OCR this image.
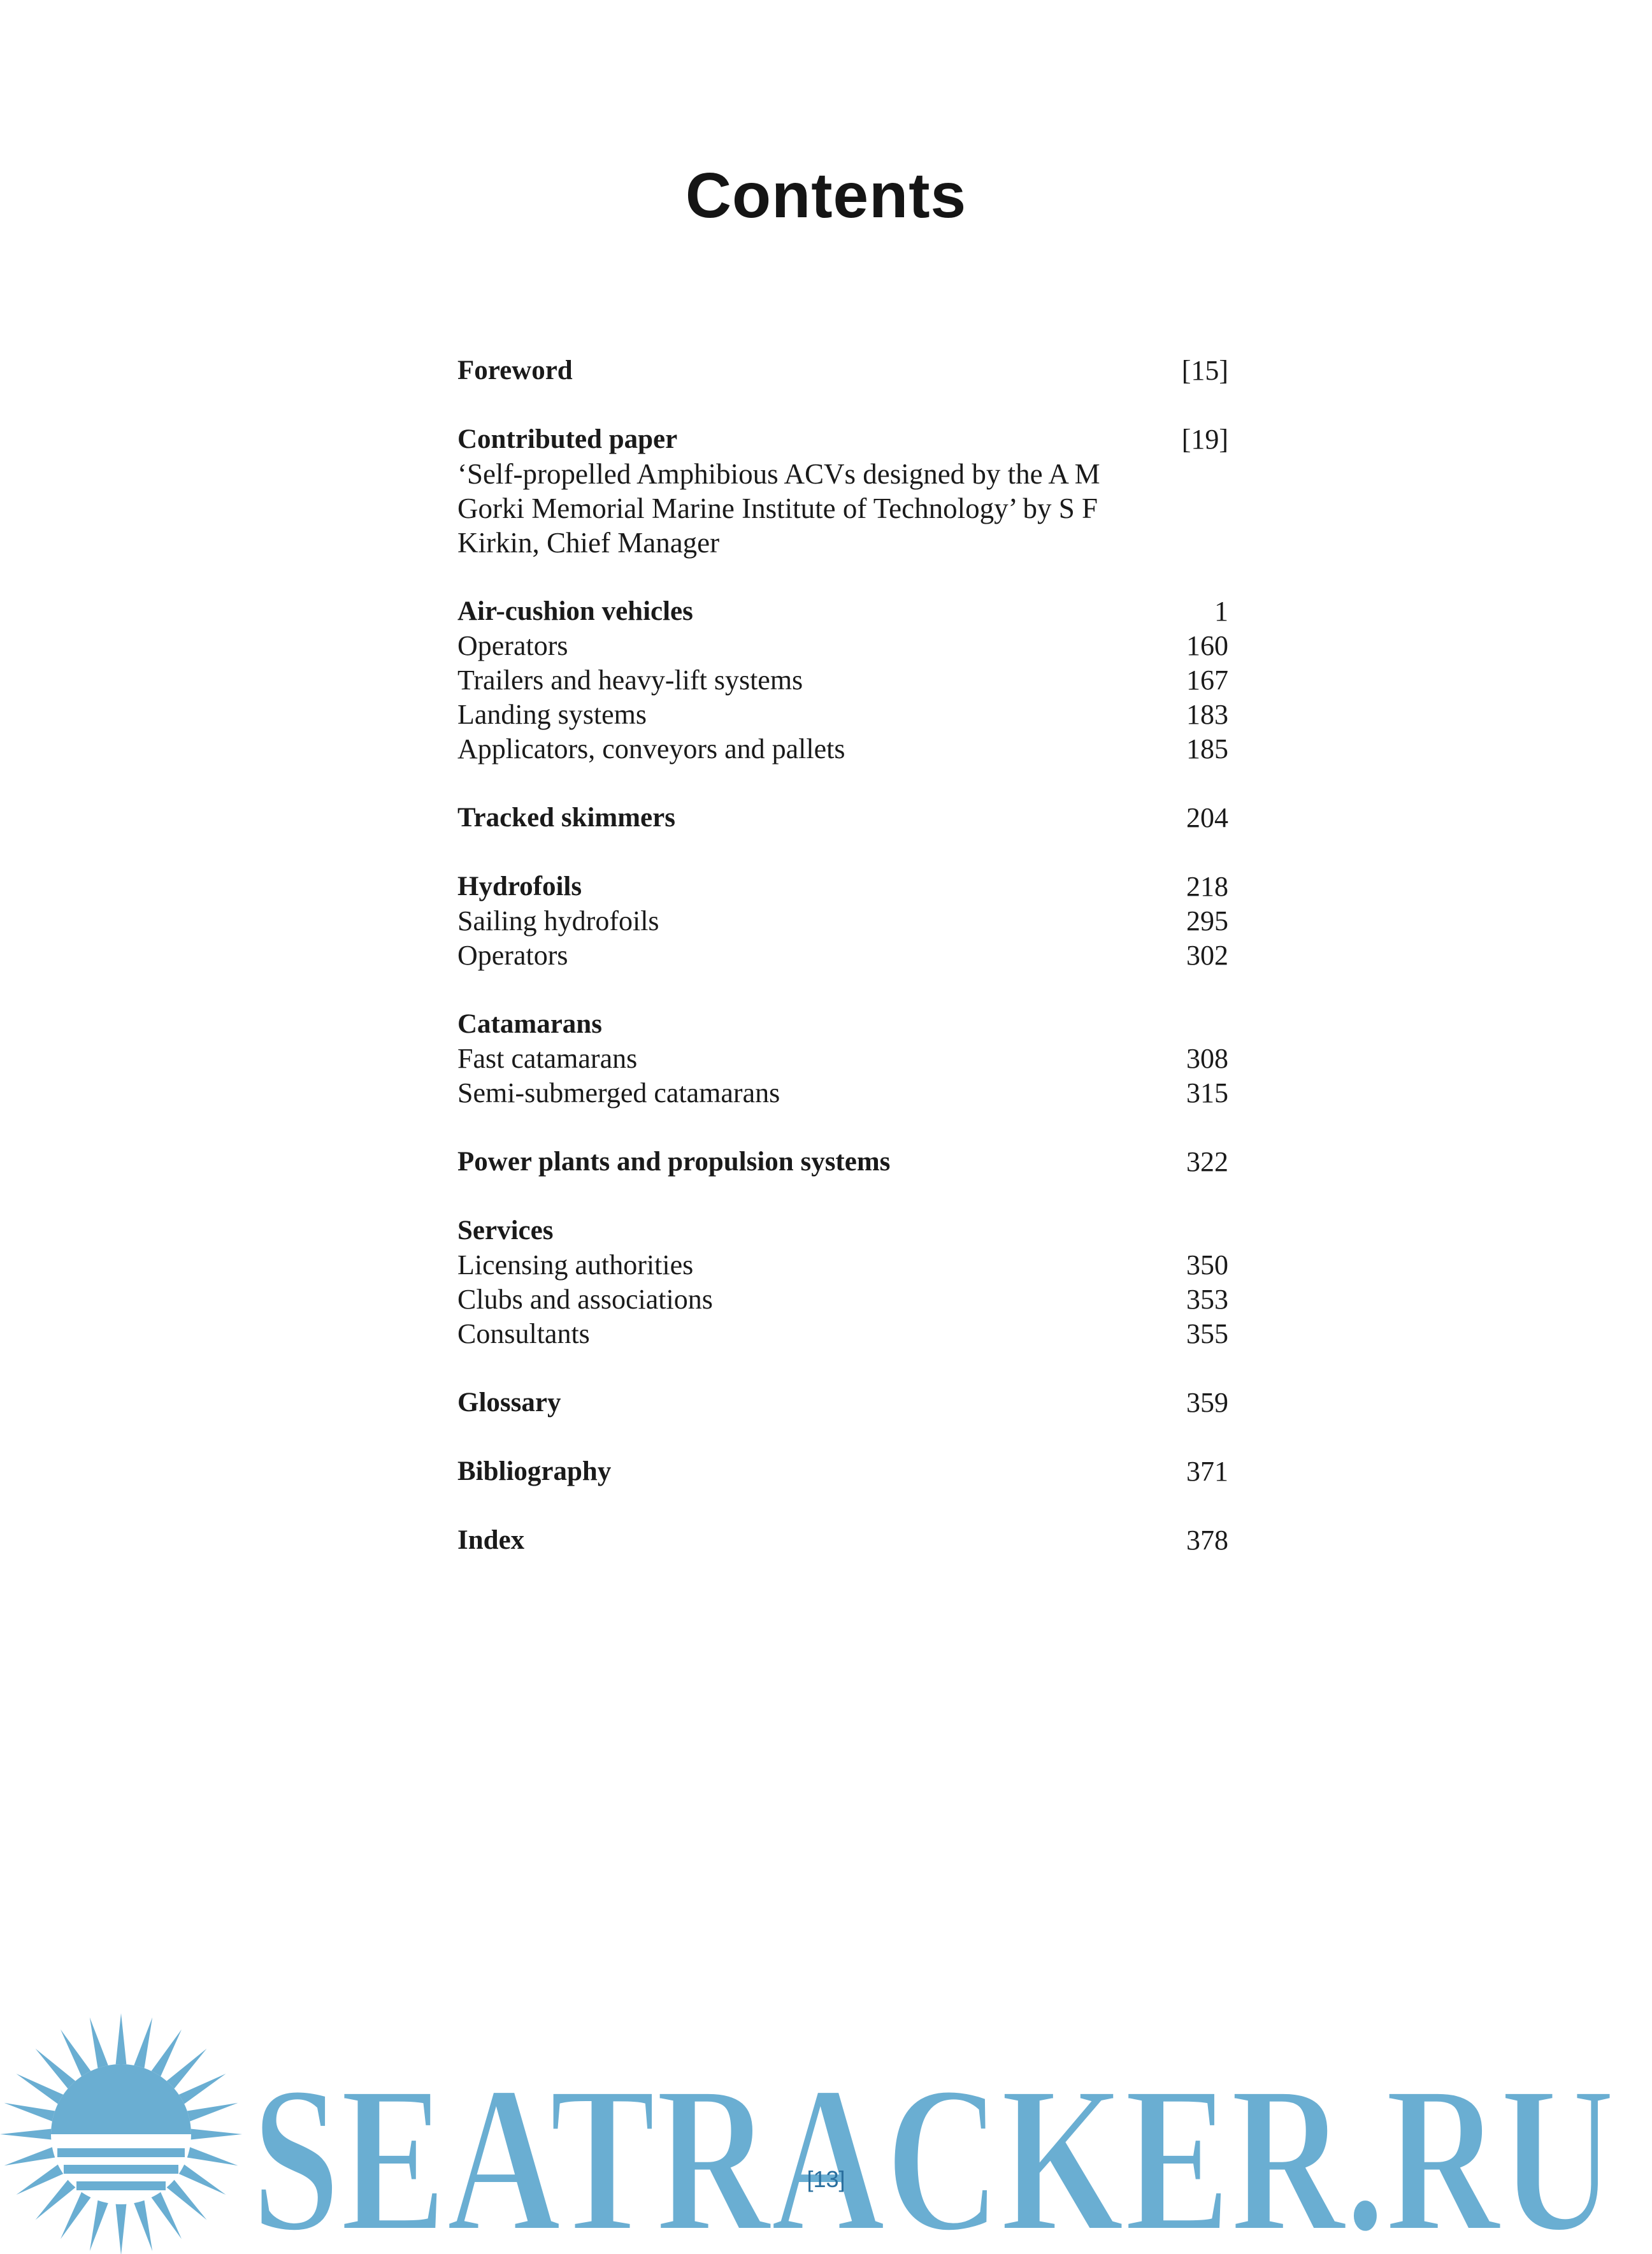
Contents
Foreword	[15]
Contributed paper	[19]
‘Self-propelled Amphibious ACVs designed by the A M Gorki Memorial Marine Institute of Technology’ by S F Kirkin, Chief Manager
Air-cushion vehicles	1
Operators	160
Trailers and heavy-lift systems	167
Landing systems	183
Applicators, conveyors and pallets	185
Tracked skimmers	204
Hydrofoils	218
Sailing hydrofoils	295
Operators	302
Catamarans
Fast catamarans	308
Semi-submerged catamarans	315
Power plants and propulsion systems	322
Services
Licensing authorities	350
Clubs and associations	353
Consultants	355
Glossary	359
Bibliography	371
Index	378
SEATRACKER.RU
[13]
